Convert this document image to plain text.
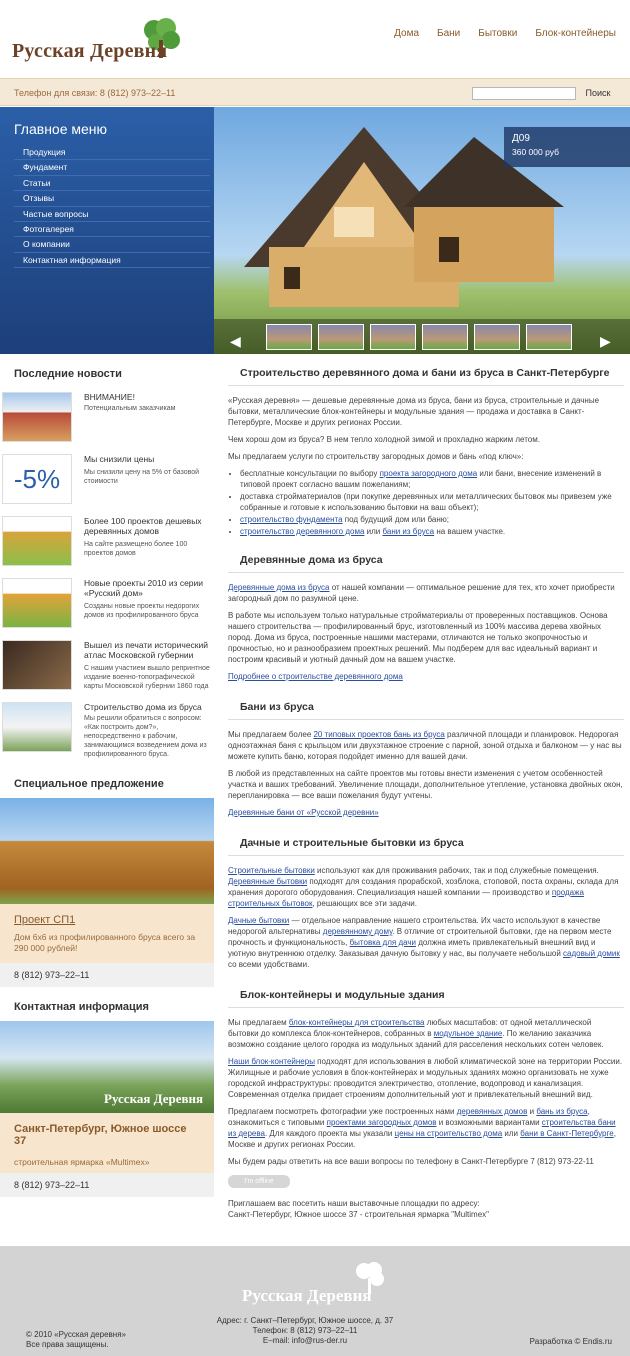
Русская Деревня
Дома Бани Бытовки Блок-контейнеры
Телефон для связи: 8 (812) 973–22–11	Поиск
Главное меню
Продукция
Фундамент
Статьи
Отзывы
Частые вопросы
Фотогалерея
О компании
Контактная информация
Д09
360 000 руб
◀	▶
Последние новости
ВНИМАНИЕ!
Потенциальным заказчикам
-5%
Мы снизили цены
Мы снизили цену на 5% от базовой стоимости
Более 100 проектов дешевых деревянных домов
На сайте размещено более 100 проектов домов
Новые проекты 2010 из серии «Русский дом»
Созданы новые проекты недорогих домов из профилированного бруса
Вышел из печати исторический атлас Московской губернии
С нашим участием вышло репринтное издание военно-топографической карты Московской губернии 1860 года
Строительство дома из бруса
Мы решили обратиться с вопросом: «Как построить дом?», непосредственно к рабочим, занимающимся возведением дома из профилированного бруса.
Специальное предложение
Проект СП1
Дом 6х6 из профилированного бруса всего за 290 000 рублей!
8 (812) 973–22–11
Контактная информация
Русская Деревня
Санкт-Петербург, Южное шоссе 37
строительная ярмарка «Multimex»
8 (812) 973–22–11
Строительство деревянного дома и бани из бруса в Санкт-Петербурге

«Русская деревня» — дешевые деревянные дома из бруса, бани из бруса, строительные и дачные бытовки, металлические блок-контейнеры и модульные здания — продажа и доставка в Санкт-Петербурге, Москве и других регионах России.

Чем хорош дом из бруса? В нем тепло холодной зимой и прохладно жарким летом.

Мы предлагаем услуги по строительству загородных домов и бань «под ключ»:

• бесплатные консультации по выбору проекта загородного дома или бани, внесение изменений в типовой проект согласно вашим пожеланиям;
• доставка стройматериалов (при покупке деревянных или металлических бытовок мы привезем уже собранные и готовые к использованию бытовки на ваш объект);
• строительство фундамента под будущий дом или баню;
• строительство деревянного дома или бани из бруса на вашем участке.
Деревянные дома из бруса

Деревянные дома из бруса от нашей компании — оптимальное решение для тех, кто хочет приобрести загородный дом по разумной цене.

В работе мы используем только натуральные стройматериалы от проверенных поставщиков. Основа нашего строительства — профилированный брус, изготовленный из 100% массива дерева хвойных пород. Дома из бруса, построенные нашими мастерами, отличаются не только экопрочностью и прочностью, но и разнообразием проектных решений. Мы подберем для вас идеальный вариант и построим красивый и уютный дачный дом на вашем участке.

Подробнее о строительстве деревянного дома

Бани из бруса

Мы предлагаем более 20 типовых проектов бань из бруса различной площади и планировок. Недорогая одноэтажная баня с крыльцом или двухэтажное строение с парной, зоной отдыха и балконом — у нас вы можете купить баню, которая подойдет именно для вашей дачи.

В любой из представленных на сайте проектов мы готовы внести изменения с учетом особенностей участка и ваших требований. Увеличение площади, дополнительное утепление, установка двойных окон, перепланировка — все ваши пожелания будут учтены.

Деревянные бани от «Русской деревни»

Дачные и строительные бытовки из бруса

Строительные бытовки используют как для проживания рабочих, так и под служебные помещения. Деревянные бытовки подходят для создания прорабской, хозблока, стоповой, поста охраны, склада для хранения дорогого оборудования. Специализация нашей компании — производство и продажа строительных бытовок, решающих все эти задачи.

Дачные бытовки — отдельное направление нашего строительства. Их часто используют в качестве недорогой альтернативы деревянному дому. В отличие от строительной бытовки, где на первом месте прочность и функциональность, бытовка для дачи должна иметь привлекательный внешний вид и уютную внутреннюю отделку. Заказывая дачную бытовку у нас, вы получаете небольшой садовый домик со всеми удобствами.

Блок-контейнеры и модульные здания

Мы предлагаем блок-контейнеры для строительства любых масштабов: от одной металлической бытовки до комплекса блок-контейнеров, собранных в модульное здание. По желанию заказчика возможно создание целого городка из модульных зданий для расселения нескольких сотен человек.

Наши блок-контейнеры подходят для использования в любой климатической зоне на территории России. Жилищные и рабочие условия в блок-контейнерах и модульных зданиях можно организовать не хуже городской инфраструктуры: проводится электричество, отопление, водопровод и канализация. Современная отделка придает строениям дополнительный уют и привлекательный внешний вид.

Предлагаем посмотреть фотографии уже построенных нами деревянных домов и бань из бруса, ознакомиться с типовыми проектами загородных домов и возможными вариантами строительства бани из дерева. Для каждого проекта мы указали цены на строительство дома или бани в Санкт-Петербурге, Москве и других регионах России.

Мы будем рады ответить на все ваши вопросы по телефону в Санкт-Петербурге 7 (812) 973-22-11

I'm offline

Приглашаем вас посетить наши выставочные площадки по адресу:

Санкт-Петербург, Южное шоссе 37 - строительная ярмарка "Multimex"

Русская Деревня
© 2010 «Русская деревня»
Все права защищены.
Адрес: г. Санкт–Петербург, Южное шоссе, д. 37
Телефон: 8 (812) 973–22–11
E–mail: info@rus-der.ru	Разработка © Endis.ru
